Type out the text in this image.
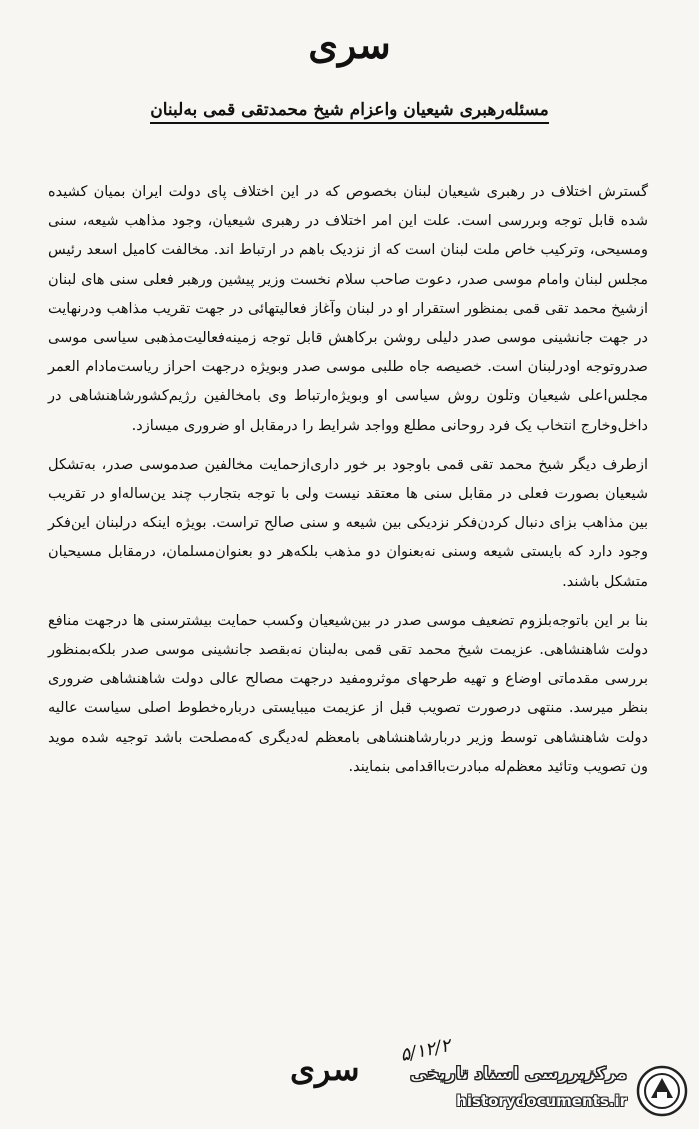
سری
مسئله‌رهبری شیعیان واعزام شیخ محمدتقی قمی به‌لبنان

گسترش اختلاف در رهبری شیعیان لبنان بخصوص که در این اختلاف پای دولت ایران بمیان کشیده شده قابل توجه وبررسی است. علت این امر اختلاف در رهبری شیعیان، وجود مذاهب شیعه، سنی ومسیحی، وترکیب خاص ملت لبنان است که از نزدیک باهم در ارتباط اند. مخالفت کامیل اسعد رئیس مجلس لبنان وامام موسی صدر، دعوت صاحب سلام نخست وزیر پیشین ورهبر فعلی سنی های لبنان ازشیخ محمد تقی قمی بمنظور استقرار او در لبنان وآغاز فعالیتهائی در جهت تقریب مذاهب ودرنهایت در جهت جانشینی موسی صدر دلیلی روشن برکاهش قابل توجه زمینه‌فعالیت‌مذهبی سیاسی موسی صدروتوجه اودرلبنان است. خصیصه جاه طلبی موسی صدر وبویژه درجهت احراز ریاست‌مادام العمر مجلس‌اعلی شیعیان وتلون روش سیاسی او وبویژه‌ارتباط وی بامخالفین رژیم‌کشورشاهنشاهی در داخل‌وخارج انتخاب یک فرد روحانی مطلع وواجد شرایط را درمقابل او ضروری میسازد.

ازطرف دیگر شیخ محمد تقی قمی باوجود بر خور داری‌ازحمایت مخالفین صدموسی صدر، به‌تشکل شیعیان بصورت فعلی در مقابل سنی ها معتقد نیست ولی با توجه بتجارب چند ین‌ساله‌او در تقریب بین مذاهب بزای دنبال کردن‌فکر نزدیکی بین شیعه و سنی صالح تراست. بویژه اینکه درلبنان این‌فکر وجود دارد که بایستی شیعه وسنی نه‌بعنوان دو مذهب بلکه‌هر دو بعنوان‌مسلمان، درمقابل مسیحیان متشکل باشند.

بنا بر این باتوجه‌بلزوم تضعیف موسی صدر در بین‌شیعیان وکسب حمایت بیشترسنی ها درجهت منافع دولت شاهنشاهی. عزیمت شیخ محمد تقی قمی به‌لبنان نه‌بقصد جانشینی موسی صدر بلکه‌بمنظور بررسی مقدماتی اوضاع و تهیه طرحهای موثرومفید درجهت مصالح عالی دولت شاهنشاهی ضروری بنظر میرسد. منتهی درصورت تصویب قبل از عزیمت میبایستی درباره‌خطوط اصلی سیاست عالیه دولت شاهنشاهی توسط وزیر دربارشاهنشاهی بامعظم له‌دیگری که‌مصلحت باشد توجیه شده موید ون تصویب وتائید معظم‌له مبادرت‌بااقدامی بنمایند.

۵/۱۲/۲
سری	مرکزبررسی اسناد تاریخی
historydocuments.ir
